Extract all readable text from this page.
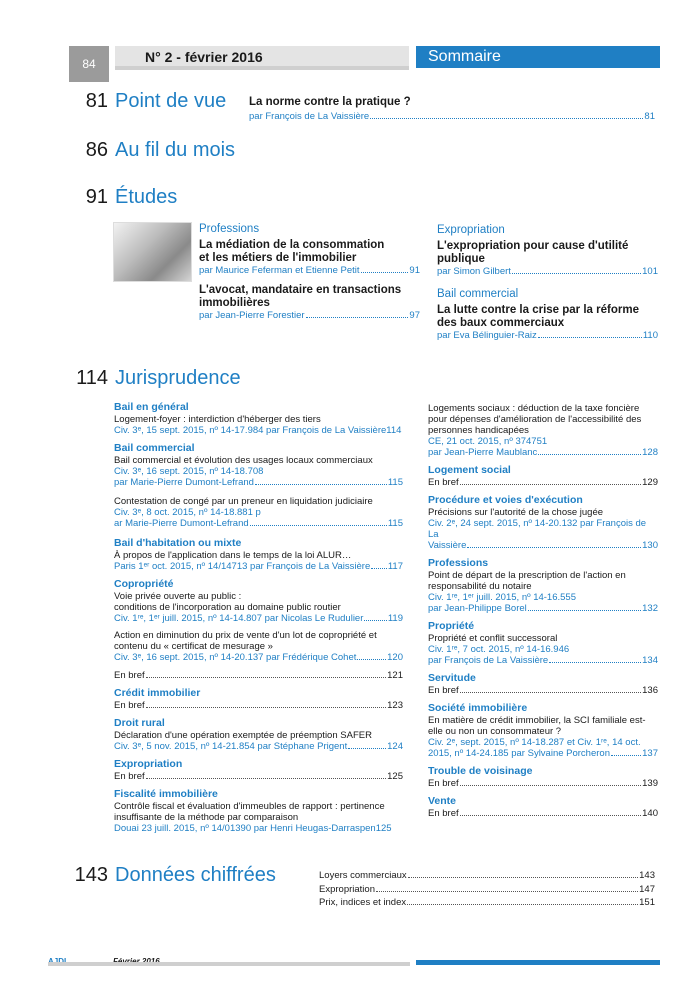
84	N° 2 - février 2016	Sommaire
81 Point de vue La norme contre la pratique ?
par François de La Vaissière	81
86 Au fil du mois
91 Études
Professions
La médiation de la consommation
et les métiers de l'immobilier
par Maurice Feferman et Etienne Petit	91
L'avocat, mandataire en transactions
immobilières
par Jean-Pierre Forestier	97
Expropriation
L'expropriation pour cause d'utilité
publique
par Simon Gilbert	101
Bail commercial
La lutte contre la crise par la réforme
des baux commerciaux
par Eva Bélinguier-Raiz	110
114 Jurisprudence
Bail en général
Logement-foyer : interdiction d'héberger des tiers
Civ. 3ᵉ, 15 sept. 2015, nº 14-17.984 par François de La Vaissière 114
Bail commercial
Bail commercial et évolution des usages locaux commerciaux
Civ. 3ᵉ, 16 sept. 2015, nº 14-18.708
par Marie-Pierre Dumont-Lefrand	115
Contestation de congé par un preneur en liquidation judiciaire
Civ. 3ᵉ, 8 oct. 2015, nº 14-18.881 p
ar Marie-Pierre Dumont-Lefrand	115
Bail d'habitation ou mixte
À propos de l'application dans le temps de la loi ALUR…
Paris 1ᵉʳ oct. 2015, nº 14/14713 par François de La Vaissière 117
Copropriété
Voie privée ouverte au public :
conditions de l'incorporation au domaine public routier
Civ. 1ʳᵉ, 1ᵉʳ juill. 2015, nº 14-14.807 par Nicolas Le Rudulier	119
Action en diminution du prix de vente d'un lot de copropriété et
contenu du « certificat de mesurage »
Civ. 3ᵉ, 16 sept. 2015, nº 14-20.137 par Frédérique Cohet	120
En bref	121
Crédit immobilier
En bref	123
Droit rural
Déclaration d'une opération exemptée de préemption SAFER
Civ. 3ᵉ, 5 nov. 2015, nº 14-21.854 par Stéphane Prigent	124
Expropriation
En bref	125
Fiscalité immobilière
Contrôle fiscal et évaluation d'immeubles de rapport : pertinence
insuffisante de la méthode par comparaison
Douai 23 juill. 2015, nº 14/01390 par Henri Heugas-Darraspen 125
Logements sociaux : déduction de la taxe foncière
pour dépenses d'amélioration de l'accessibilité des
personnes handicapées
CE, 21 oct. 2015, nº 374751
par Jean-Pierre Maublanc	128
Logement social
En bref	129
Procédure et voies d'exécution
Précisions sur l'autorité de la chose jugée
Civ. 2ᵉ, 24 sept. 2015, nº 14-20.132 par François de La
Vaissière	130
Professions
Point de départ de la prescription de l'action en
responsabilité du notaire
Civ. 1ʳᵉ, 1ᵉʳ juill. 2015, nº 14-16.555
par Jean-Philippe Borel	132
Propriété
Propriété et conflit successoral
Civ. 1ʳᵉ, 7 oct. 2015, nº 14-16.946
par François de La Vaissière	134
Servitude
En bref	136
Société immobilière
En matière de crédit immobilier, la SCI familiale est-
elle ou non un consommateur ?
Civ. 2ᵉ, sept. 2015, nº 14-18.287 et Civ. 1ʳᵉ, 14 oct.
2015, nº 14-24.185 par Sylvaine Porcheron	137
Trouble de voisinage
En bref	139
Vente
En bref	140
143 Données chiffrées	Loyers commerciaux	143
Expropriation	147
Prix, indices et index	151
